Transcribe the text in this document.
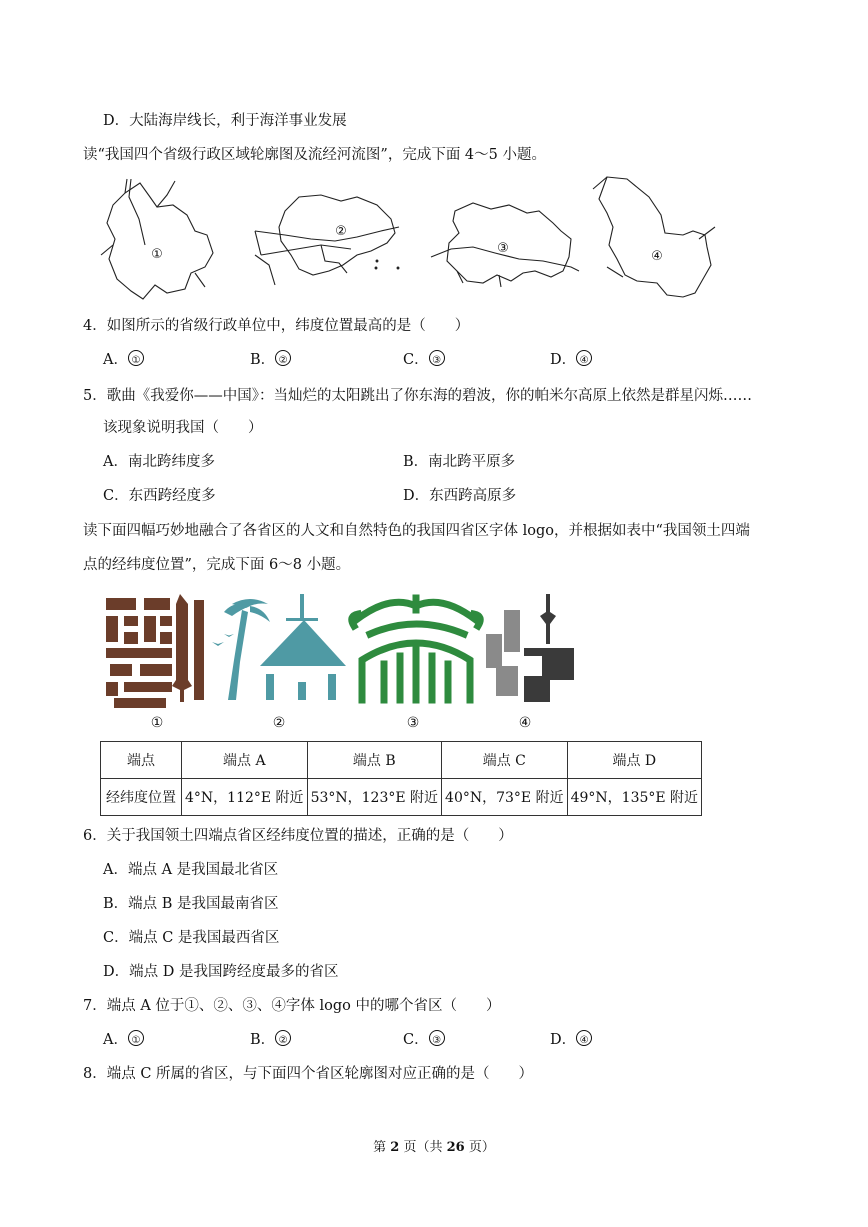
D．大陆海岸线长，利于海洋事业发展
读“我国四个省级行政区域轮廓图及流经河流图”，完成下面 4～5 小题。
①
②
③
④
4．如图所示的省级行政单位中，纬度位置最高的是（　　）
A． ①	B． ②	C． ③	D． ④
5．歌曲《我爱你——中国》：当灿烂的太阳跳出了你东海的碧波，你的帕米尔高原上依然是群星闪烁……
该现象说明我国（　　）
A．南北跨纬度多	B．南北跨平原多
C．东西跨经度多	D．东西跨高原多
读下面四幅巧妙地融合了各省区的人文和自然特色的我国四省区字体 logo，并根据如表中“我国领土四端
点的经纬度位置”，完成下面 6～8 小题。
①	②	③	④
端点	端点 A	端点 B	端点 C	端点 D
经纬度位置	4°N，112°E 附近	53°N，123°E 附近	40°N，73°E 附近	49°N，135°E 附近
6．关于我国领土四端点省区经纬度位置的描述，正确的是（　　）
A．端点 A 是我国最北省区
B．端点 B 是我国最南省区
C．端点 C 是我国最西省区
D．端点 D 是我国跨经度最多的省区
7．端点 A 位于①、②、③、④字体 logo 中的哪个省区（　　）
A． ①	B． ②	C． ③	D． ④
8．端点 C 所属的省区，与下面四个省区轮廓图对应正确的是（　　）
第 2 页（共 26 页）
